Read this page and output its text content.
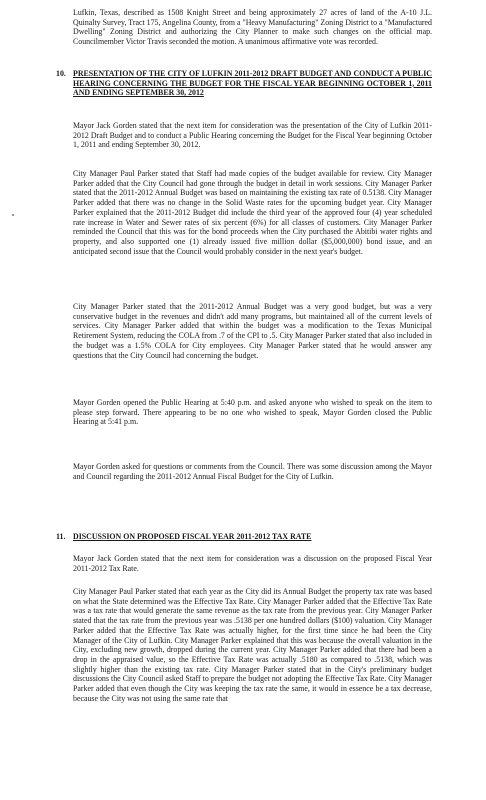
Lufkin, Texas, described as 1508 Knight Street and being approximately 27 acres of land of the A-10 J.L. Quinalty Survey, Tract 175, Angelina County, from a "Heavy Manufacturing" Zoning District to a "Manufactured Dwelling" Zoning District and authorizing the City Planner to make such changes on the official map. Councilmember Victor Travis seconded the motion. A unanimous affirmative vote was recorded.
10. PRESENTATION OF THE CITY OF LUFKIN 2011-2012 DRAFT BUDGET AND CONDUCT A PUBLIC HEARING CONCERNING THE BUDGET FOR THE FISCAL YEAR BEGINNING OCTOBER 1, 2011 AND ENDING SEPTEMBER 30, 2012
Mayor Jack Gorden stated that the next item for consideration was the presentation of the City of Lufkin 2011-2012 Draft Budget and to conduct a Public Hearing concerning the Budget for the Fiscal Year beginning October 1, 2011 and ending September 30, 2012.
City Manager Paul Parker stated that Staff had made copies of the budget available for review. City Manager Parker added that the City Council had gone through the budget in detail in work sessions. City Manager Parker stated that the 2011-2012 Annual Budget was based on maintaining the existing tax rate of 0.5138. City Manager Parker added that there was no change in the Solid Waste rates for the upcoming budget year. City Manager Parker explained that the 2011-2012 Budget did include the third year of the approved four (4) year scheduled rate increase in Water and Sewer rates of six percent (6%) for all classes of customers. City Manager Parker reminded the Council that this was for the bond proceeds when the City purchased the Abitibi water rights and property, and also supported one (1) already issued five million dollar ($5,000,000) bond issue, and an anticipated second issue that the Council would probably consider in the next year's budget.
City Manager Parker stated that the 2011-2012 Annual Budget was a very good budget, but was a very conservative budget in the revenues and didn't add many programs, but maintained all of the current levels of services. City Manager Parker added that within the budget was a modification to the Texas Municipal Retirement System, reducing the COLA from .7 of the CPI to .5. City Manager Parker stated that also included in the budget was a 1.5% COLA for City employees. City Manager Parker stated that he would answer any questions that the City Council had concerning the budget.
Mayor Gorden opened the Public Hearing at 5:40 p.m. and asked anyone who wished to speak on the item to please step forward. There appearing to be no one who wished to speak, Mayor Gorden closed the Public Hearing at 5:41 p.m.
Mayor Gorden asked for questions or comments from the Council. There was some discussion among the Mayor and Council regarding the 2011-2012 Annual Fiscal Budget for the City of Lufkin.
11. DISCUSSION ON PROPOSED FISCAL YEAR 2011-2012 TAX RATE
Mayor Jack Gorden stated that the next item for consideration was a discussion on the proposed Fiscal Year 2011-2012 Tax Rate.
City Manager Paul Parker stated that each year as the City did its Annual Budget the property tax rate was based on what the State determined was the Effective Tax Rate. City Manager Parker added that the Effective Tax Rate was a tax rate that would generate the same revenue as the tax rate from the previous year. City Manager Parker stated that the tax rate from the previous year was .5138 per one hundred dollars ($100) valuation. City Manager Parker added that the Effective Tax Rate was actually higher, for the first time since he had been the City Manager of the City of Lufkin. City Manager Parker explained that this was because the overall valuation in the City, excluding new growth, dropped during the current year. City Manager Parker added that there had been a drop in the appraised value, so the Effective Tax Rate was actually .5180 as compared to .5138, which was slightly higher than the existing tax rate. City Manager Parker stated that in the City's preliminary budget discussions the City Council asked Staff to prepare the budget not adopting the Effective Tax Rate. City Manager Parker added that even though the City was keeping the tax rate the same, it would in essence be a tax decrease, because the City was not using the same rate that
